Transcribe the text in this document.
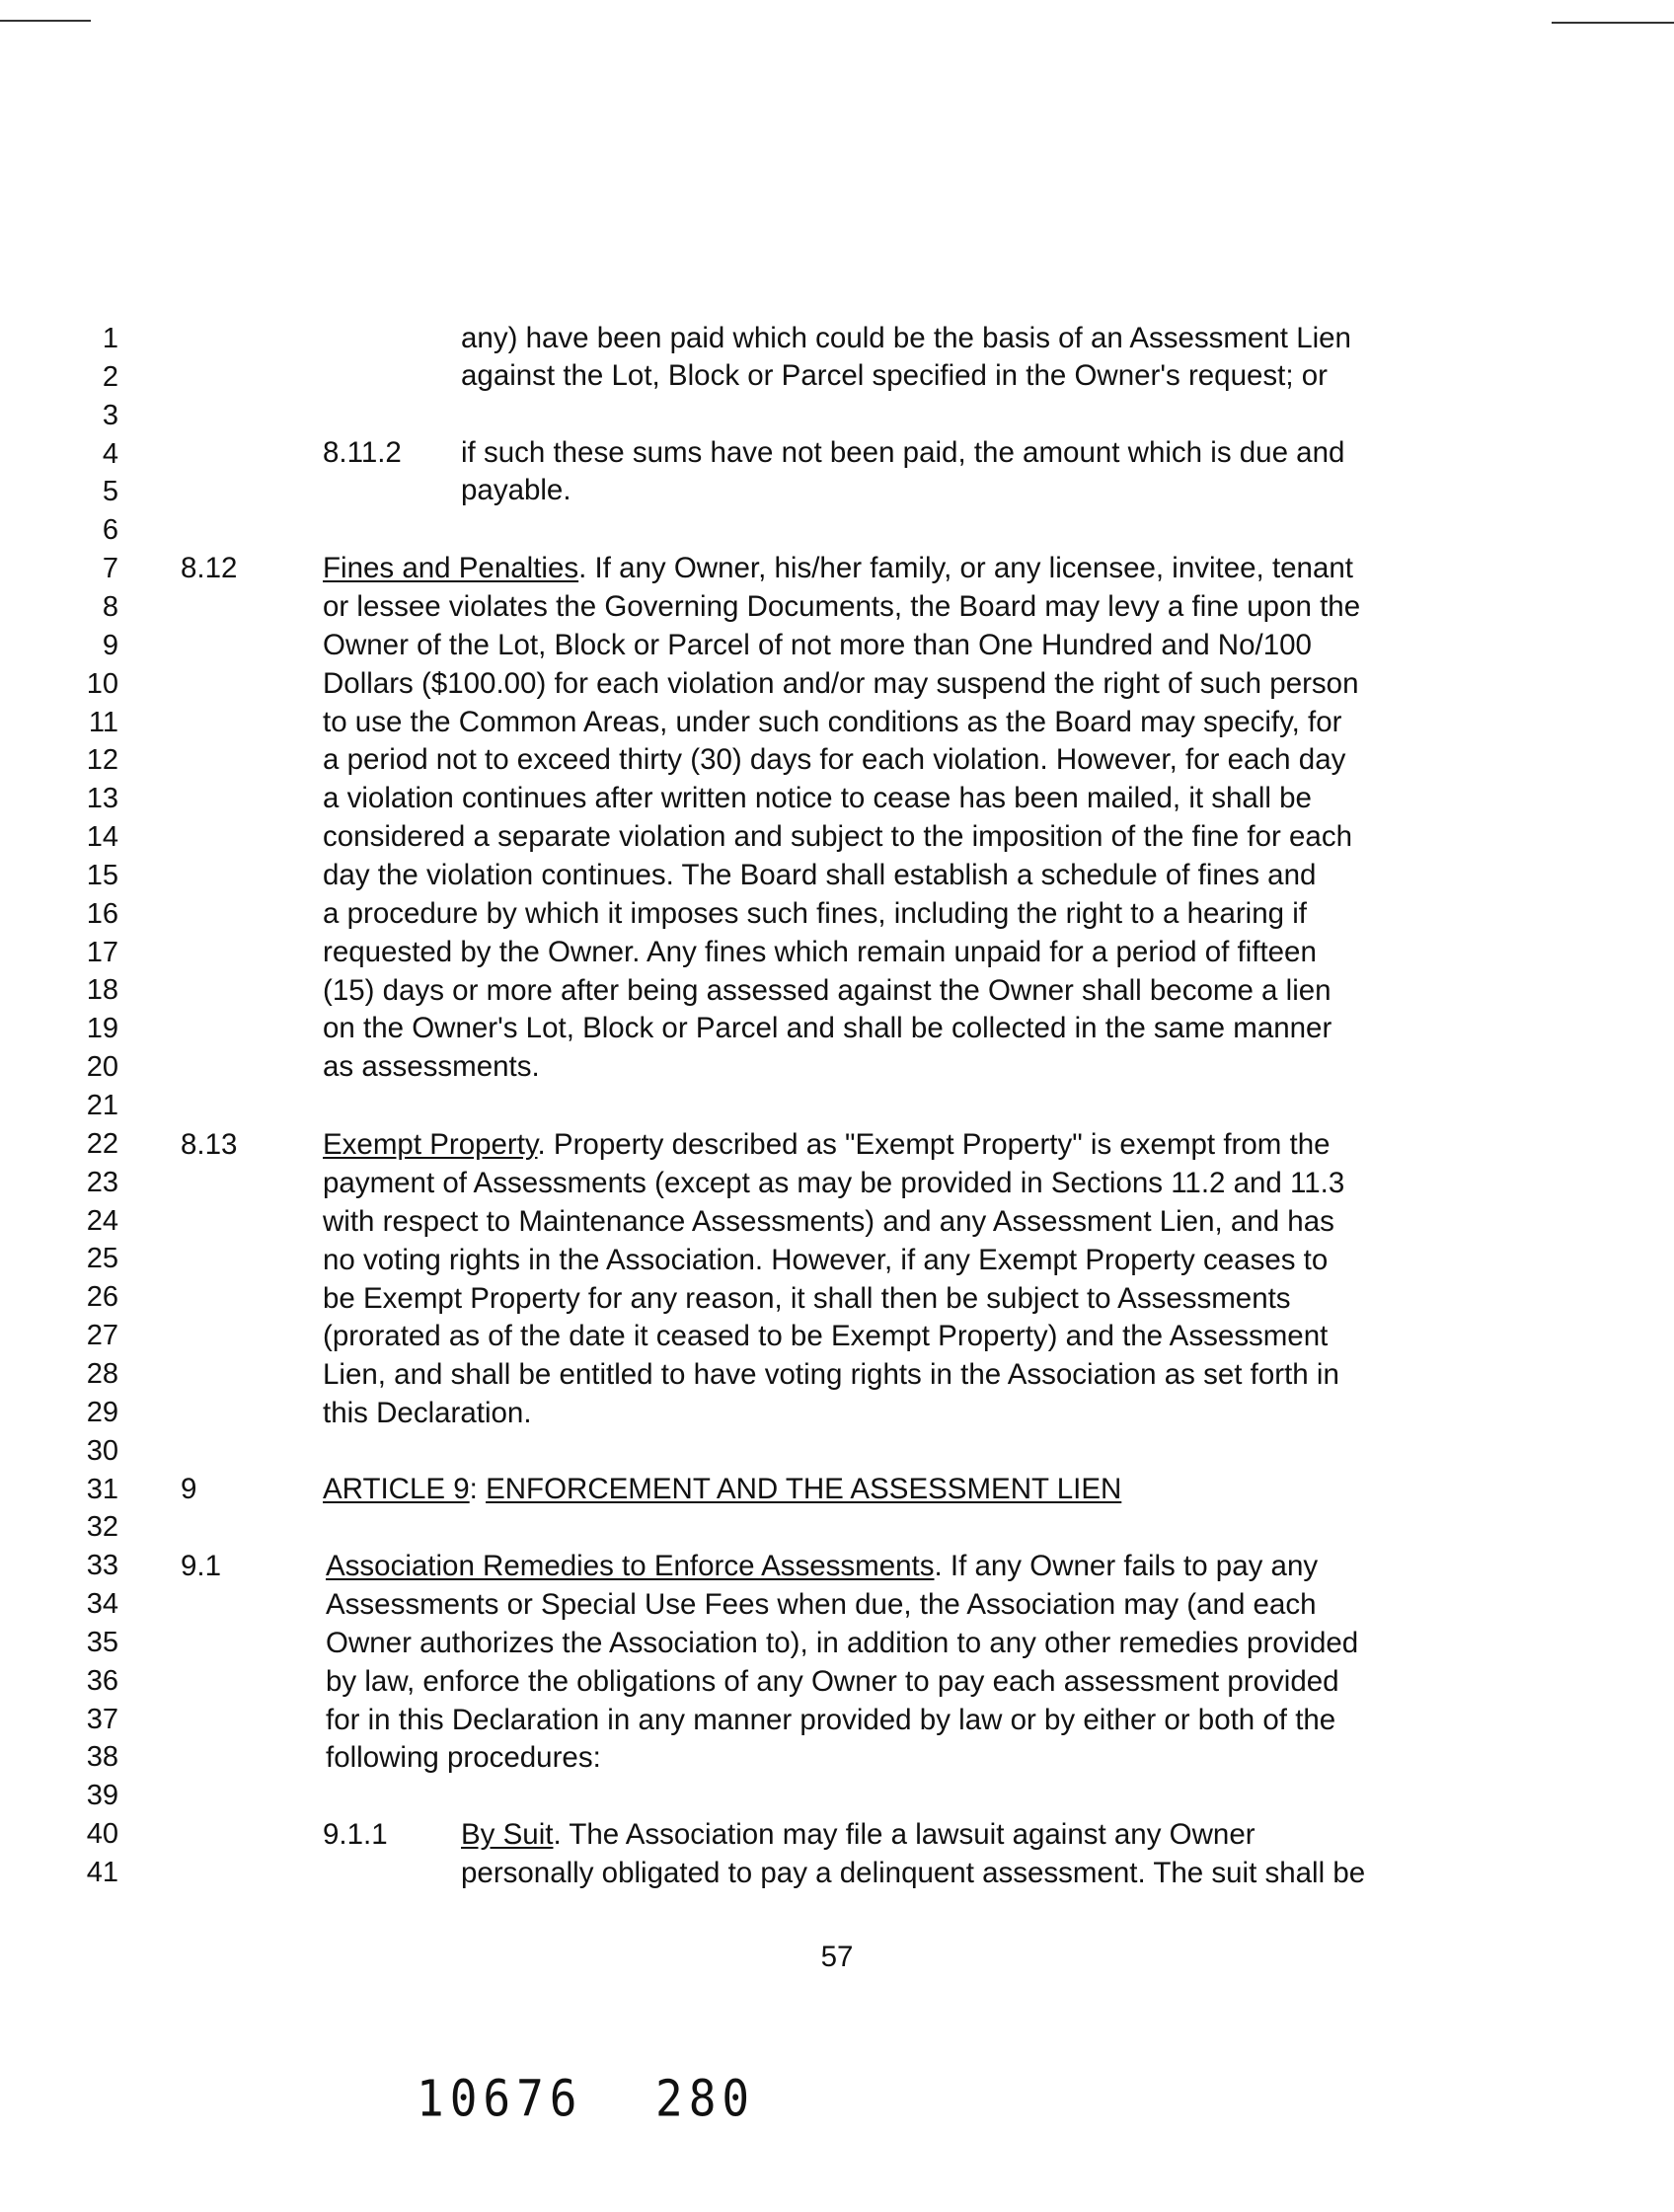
1
2
3
4
5
6
7
8
9
10
11
12
13
14
15
16
17
18
19
20
21
22
23
24
25
26
27
28
29
30
31
32
33
34
35
36
37
38
39
40
41
any) have been paid which could be the basis of an Assessment Lien
against the Lot, Block or Parcel specified in the Owner's request; or
8.11.2 if such these sums have not been paid, the amount which is due and
payable.
8.12	Fines and Penalties. If any Owner, his/her family, or any licensee, invitee, tenant
or lessee violates the Governing Documents, the Board may levy a fine upon the
Owner of the Lot, Block or Parcel of not more than One Hundred and No/100
Dollars ($100.00) for each violation and/or may suspend the right of such person
to use the Common Areas, under such conditions as the Board may specify, for
a period not to exceed thirty (30) days for each violation. However, for each day
a violation continues after written notice to cease has been mailed, it shall be
considered a separate violation and subject to the imposition of the fine for each
day the violation continues. The Board shall establish a schedule of fines and
a procedure by which it imposes such fines, including the right to a hearing if
requested by the Owner. Any fines which remain unpaid for a period of fifteen
(15) days or more after being assessed against the Owner shall become a lien
on the Owner's Lot, Block or Parcel and shall be collected in the same manner
as assessments.
8.13	Exempt Property. Property described as "Exempt Property" is exempt from the
payment of Assessments (except as may be provided in Sections 11.2 and 11.3
with respect to Maintenance Assessments) and any Assessment Lien, and has
no voting rights in the Association. However, if any Exempt Property ceases to
be Exempt Property for any reason, it shall then be subject to Assessments
(prorated as of the date it ceased to be Exempt Property) and the Assessment
Lien, and shall be entitled to have voting rights in the Association as set forth in
this Declaration.
9	ARTICLE 9: ENFORCEMENT AND THE ASSESSMENT LIEN
9.1	Association Remedies to Enforce Assessments. If any Owner fails to pay any
Assessments or Special Use Fees when due, the Association may (and each
Owner authorizes the Association to), in addition to any other remedies provided
by law, enforce the obligations of any Owner to pay each assessment provided
for in this Declaration in any manner provided by law or by either or both of the
following procedures:
9.1.1	By Suit. The Association may file a lawsuit against any Owner
personally obligated to pay a delinquent assessment. The suit shall be
57
10676 280
